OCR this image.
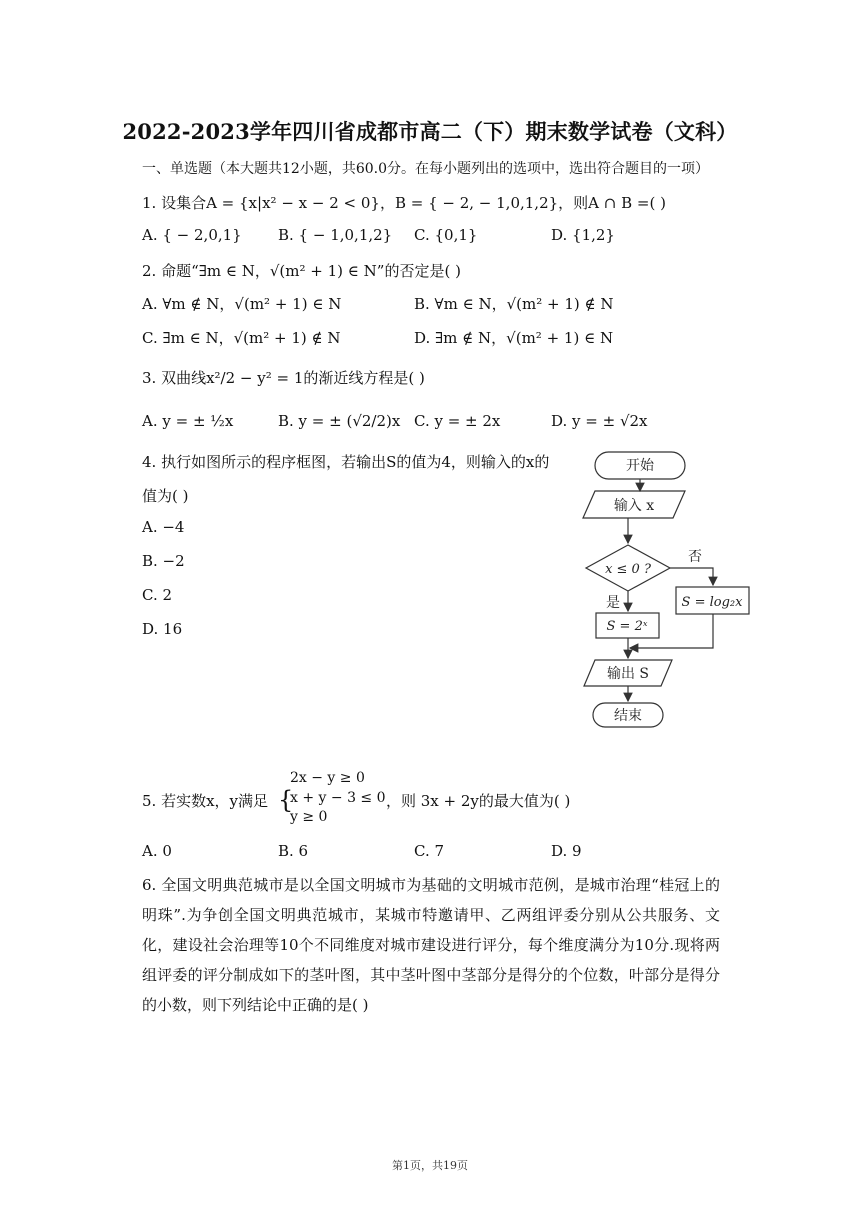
2022-2023学年四川省成都市高二（下）期末数学试卷（文科）
一、单选题（本大题共12小题，共60.0分。在每小题列出的选项中，选出符合题目的一项）
1. 设集合A = {x|x² − x − 2 < 0}，B = { − 2, − 1,0,1,2}，则A ∩ B =( )
A. { − 2,0,1} B. { − 1,0,1,2} C. {0,1}	D. {1,2}
2. 命题“∃m ∈ N，√(m² + 1) ∈ N”的否定是( )
A. ∀m ∉ N，√(m² + 1) ∈ N	B. ∀m ∈ N，√(m² + 1) ∉ N
C. ∃m ∈ N，√(m² + 1) ∉ N	D. ∃m ∉ N，√(m² + 1) ∈ N
3. 双曲线x²/2 − y² = 1的渐近线方程是( )
A. y = ± ½x	B. y = ± (√2/2)x C. y = ± 2x	D. y = ± √2x
4. 执行如图所示的程序框图，若输出S的值为4，则输入的x的
值为( )
A. −4
B. −2
C. 2
D. 16
开始
输入 x
x ≤ 0 ?
否
是	S = log₂x
S = 2ˣ
输出 S
结束
5. 若实数x，y满足 {
2x − y ≥ 0
x + y − 3 ≤ 0
y ≥ 0
，则 3x + 2y的最大值为( )
A. 0	B. 6	C. 7	D. 9
6. 全国文明典范城市是以全国文明城市为基础的文明城市范例，是城市治理“桂冠上的明珠”.为争创全国文明典范城市，某城市特邀请甲、乙两组评委分别从公共服务、文化，建设社会治理等10个不同维度对城市建设进行评分，每个维度满分为10分.现将两组评委的评分制成如下的茎叶图，其中茎叶图中茎部分是得分的个位数，叶部分是得分的小数，则下列结论中正确的是( )
第1页，共19页
